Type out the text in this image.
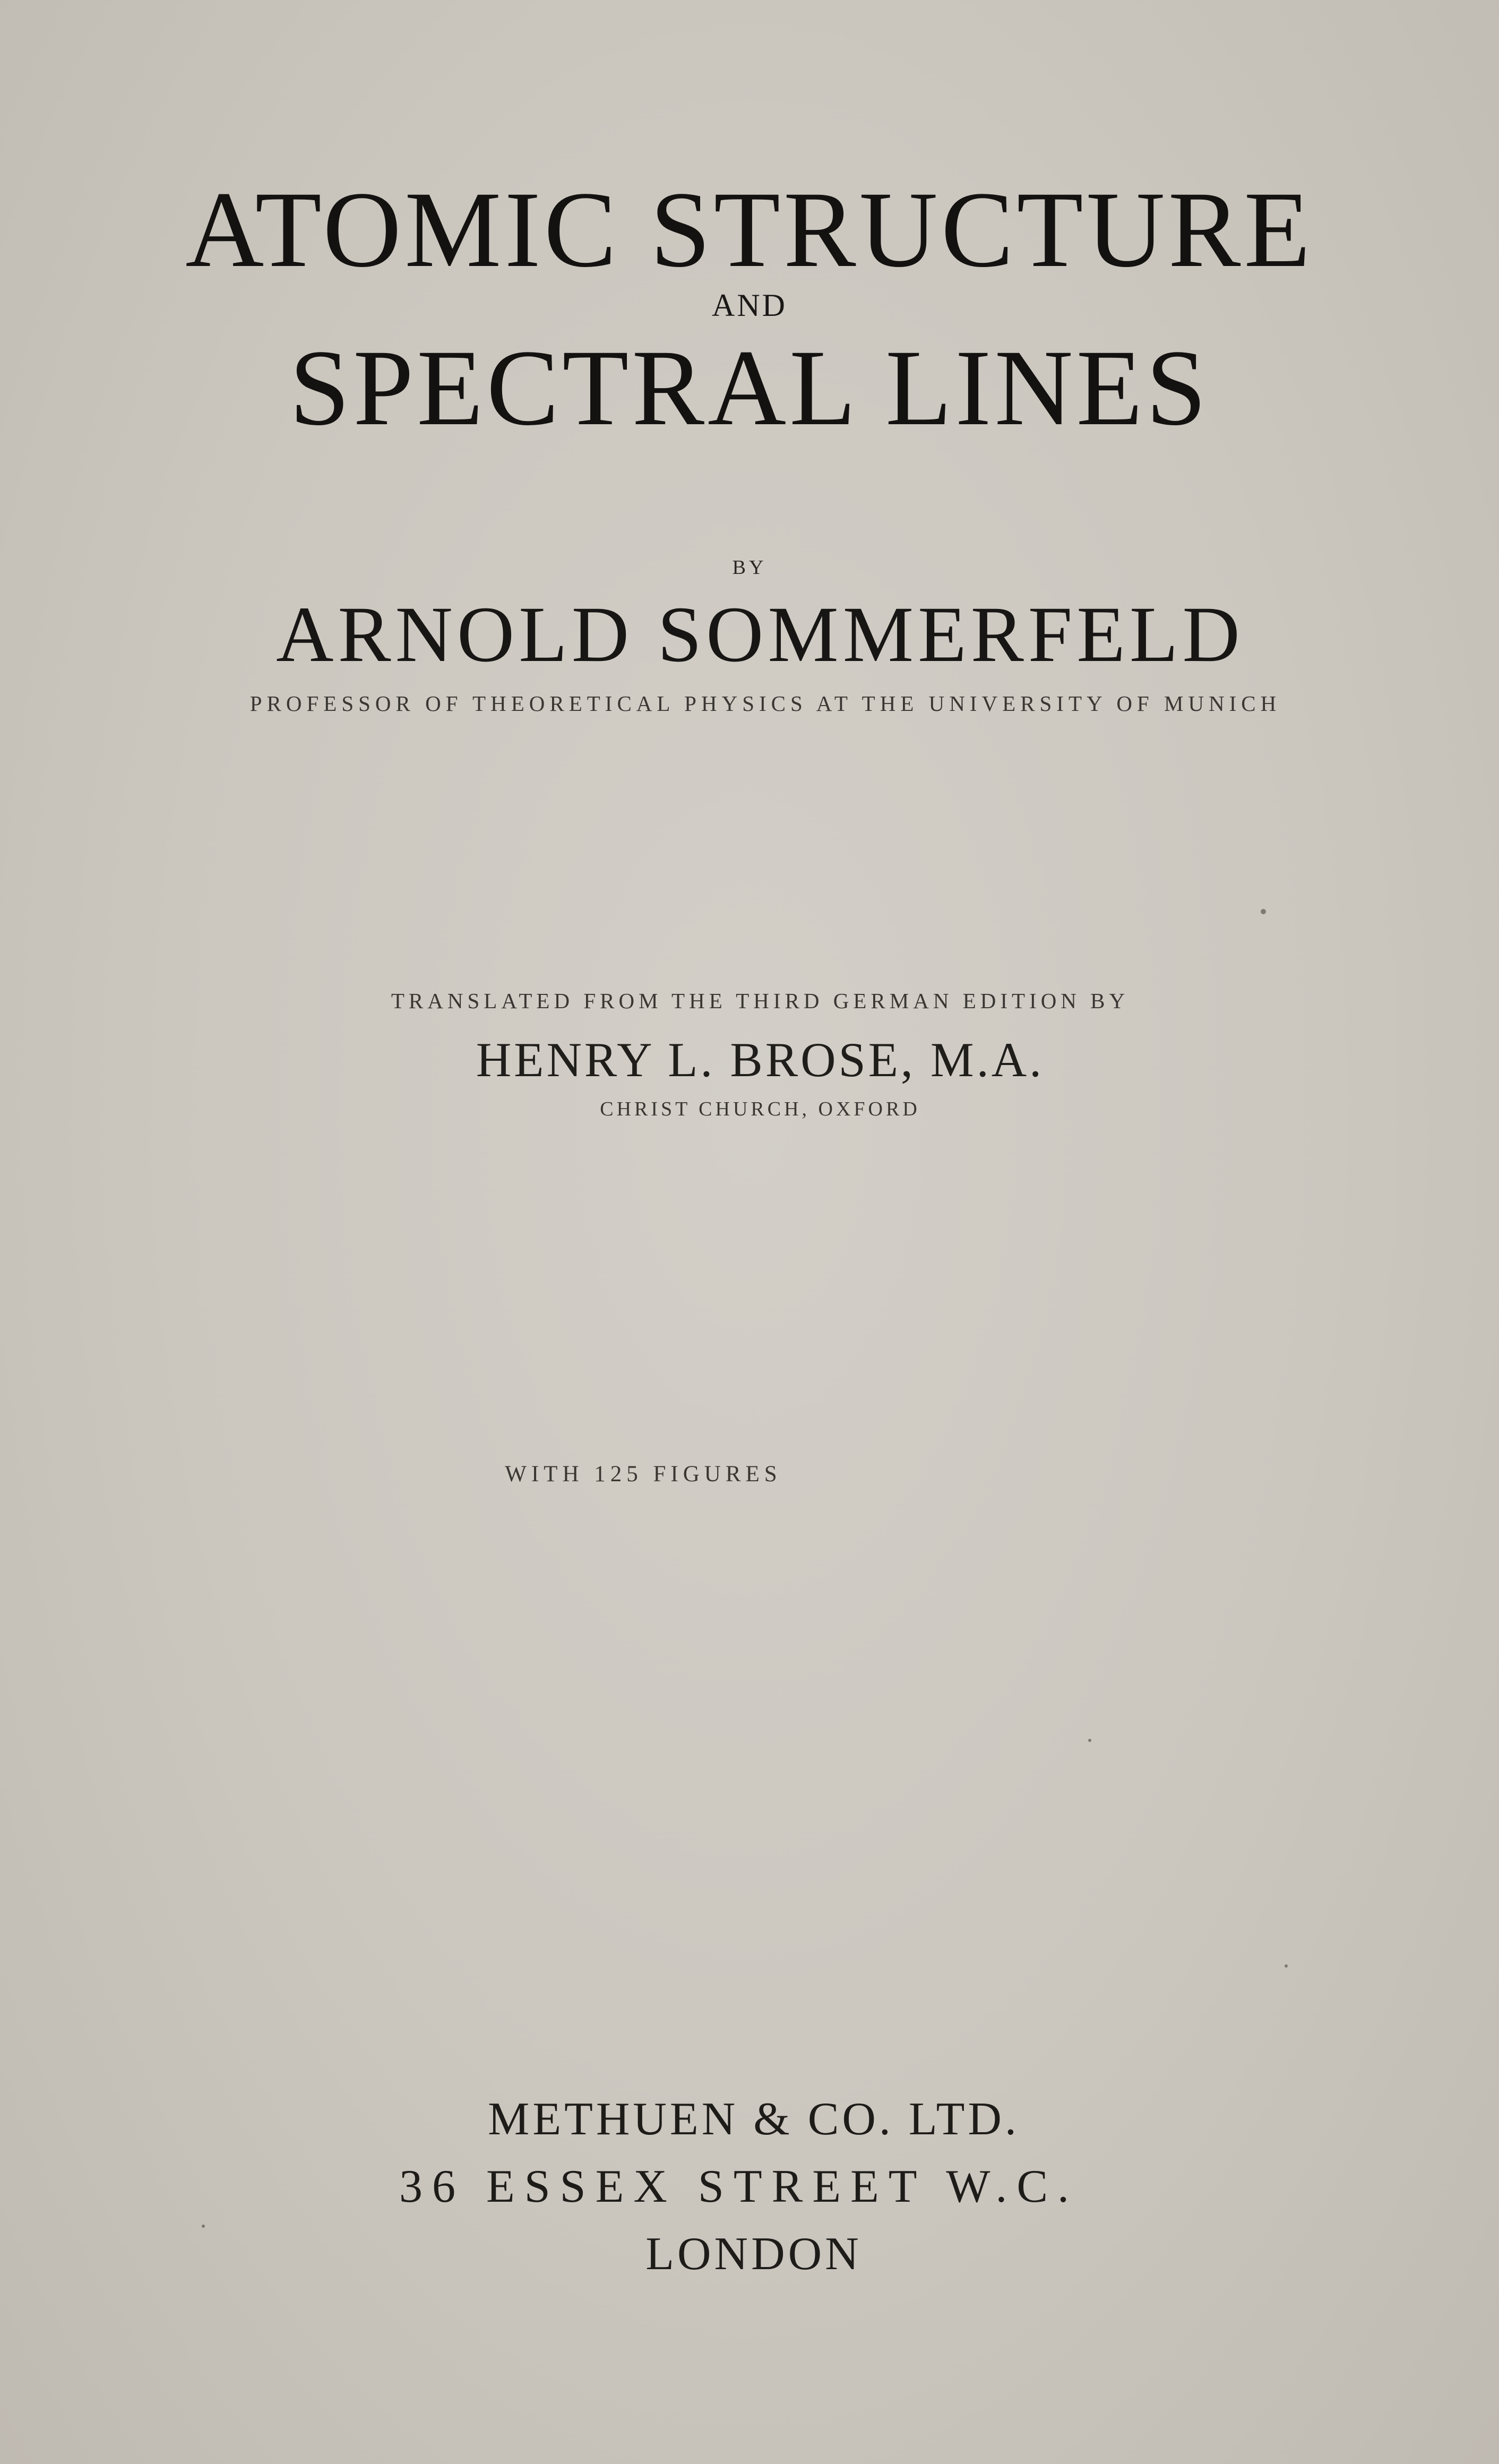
ATOMIC STRUCTURE
AND
SPECTRAL LINES
BY
ARNOLD SOMMERFELD
PROFESSOR OF THEORETICAL PHYSICS AT THE UNIVERSITY OF MUNICH
TRANSLATED FROM THE THIRD GERMAN EDITION BY
HENRY L. BROSE, M.A.
CHRIST CHURCH, OXFORD
WITH 125 FIGURES
METHUEN & CO. LTD.
36 ESSEX STREET W.C.
LONDON
